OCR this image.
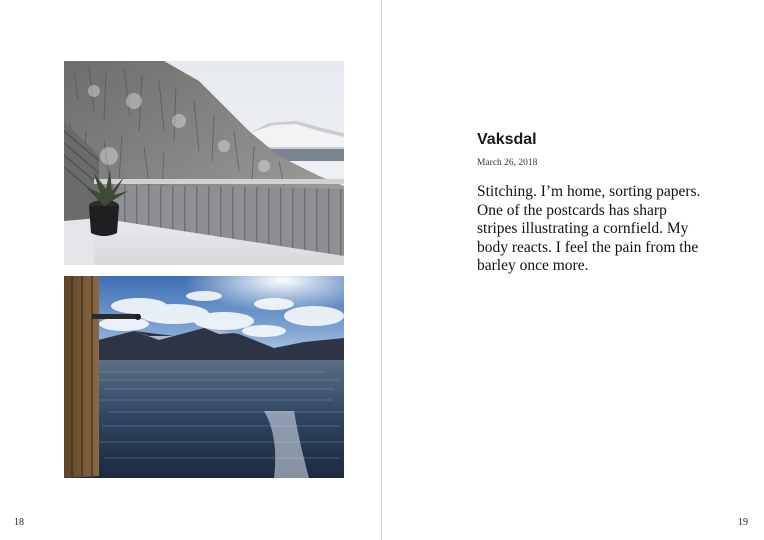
18
Vaksdal

March 26, 2018

Stitching. I’m home, sorting papers. One of the postcards has sharp stripes illustrating a cornfield. My body reacts. I feel the pain from the barley once more.

19
